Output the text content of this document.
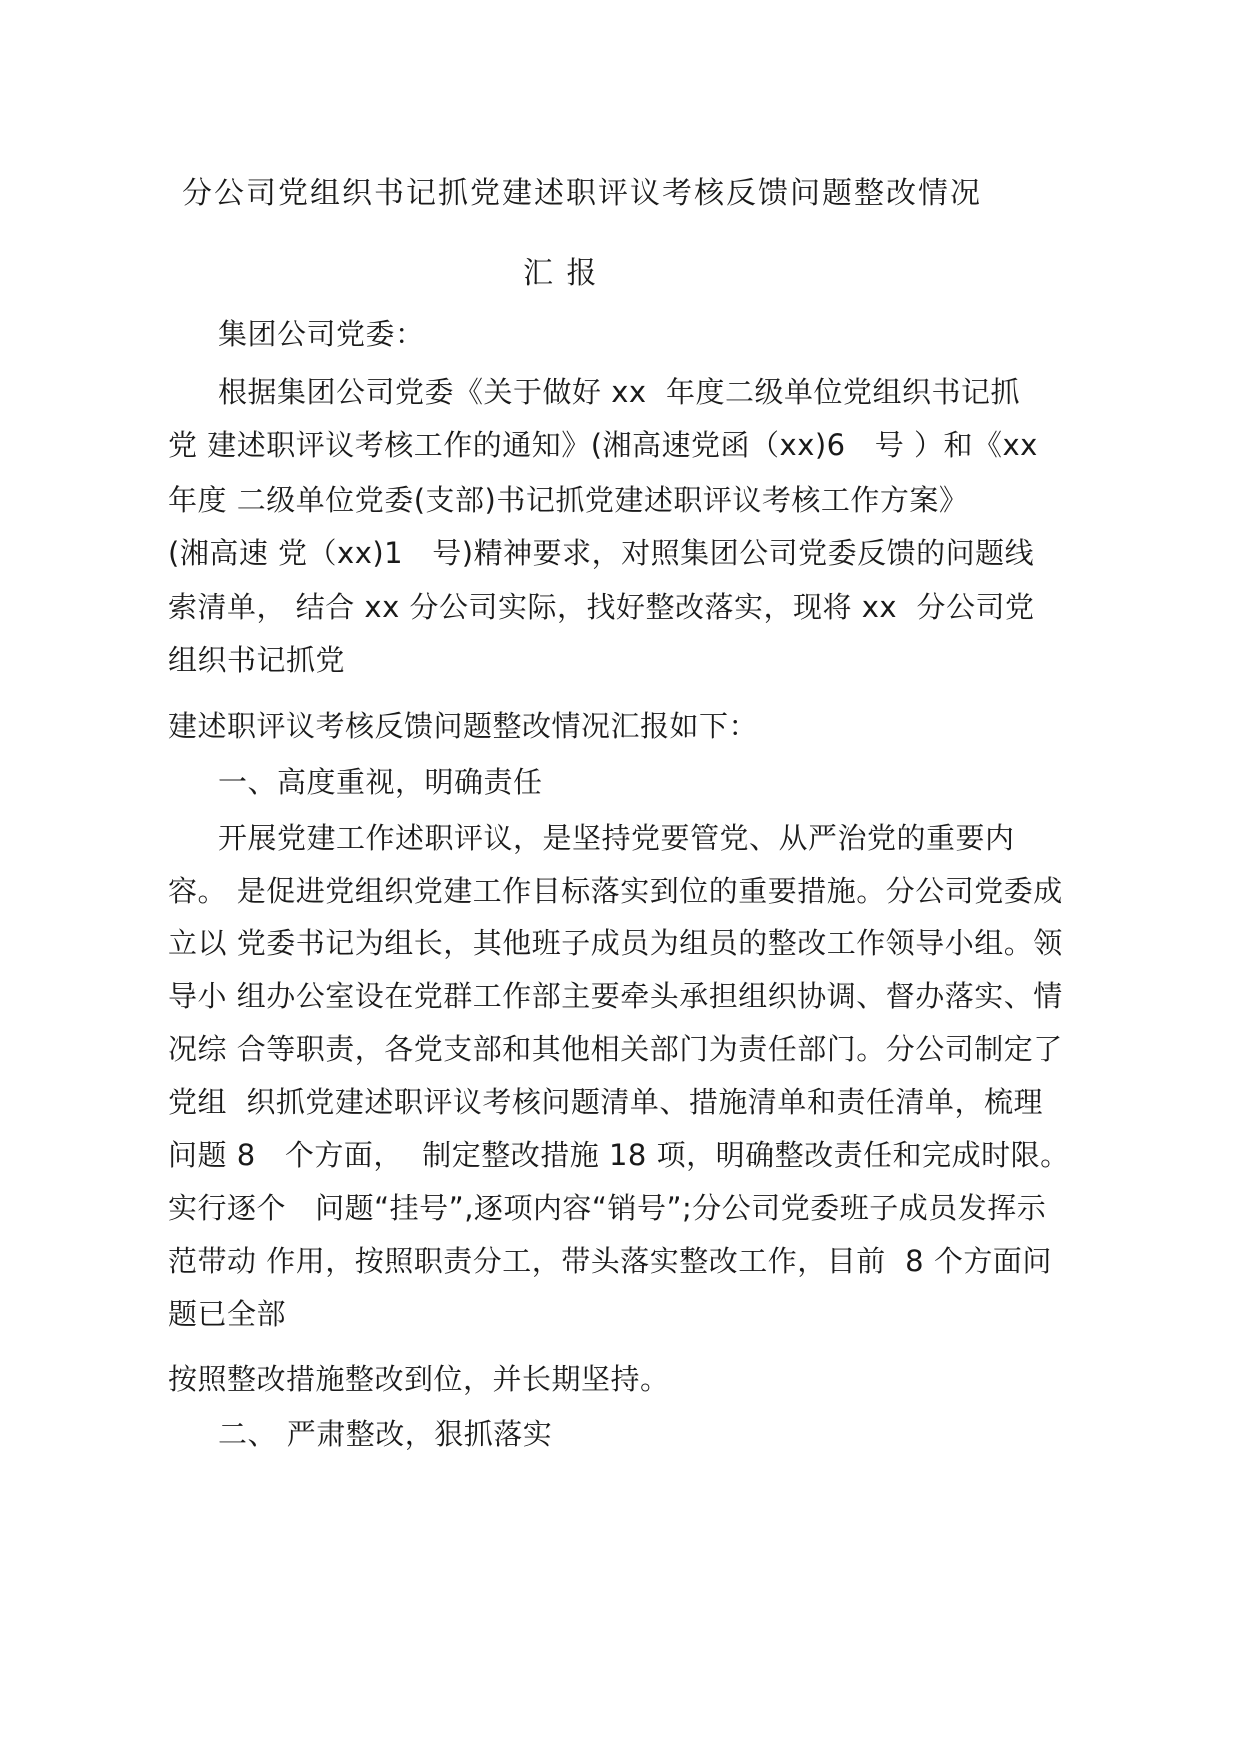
分公司党组织书记抓党建述职评议考核反馈问题整改情况

汇 报

集团公司党委：

根据集团公司党委《关于做好 xx  年度二级单位党组织书记抓

党 建述职评议考核工作的通知》(湘高速党函（xx)6   号 ）和《xx

年度 二级单位党委(支部)书记抓党建述职评议考核工作方案》

(湘高速 党（xx)1   号)精神要求，对照集团公司党委反馈的问题线

索清单， 结合 xx 分公司实际，找好整改落实，现将 xx  分公司党

组织书记抓党

建述职评议考核反馈问题整改情况汇报如下：

一、高度重视，明确责任

开展党建工作述职评议，是坚持党要管党、从严治党的重要内

容。 是促进党组织党建工作目标落实到位的重要措施。分公司党委成

立以 党委书记为组长，其他班子成员为组员的整改工作领导小组。领

导小 组办公室设在党群工作部主要牵头承担组织协调、督办落实、情

况综 合等职责，各党支部和其他相关部门为责任部门。分公司制定了

党组  织抓党建述职评议考核问题清单、措施清单和责任清单，梳理

问题 8   个方面，  制定整改措施 18 项，明确整改责任和完成时限。

实行逐个   问题“挂号”,逐项内容“销号”;分公司党委班子成员发挥示

范带动 作用，按照职责分工，带头落实整改工作，目前  8 个方面问

题已全部

按照整改措施整改到位，并长期坚持。

二、 严肃整改，狠抓落实
